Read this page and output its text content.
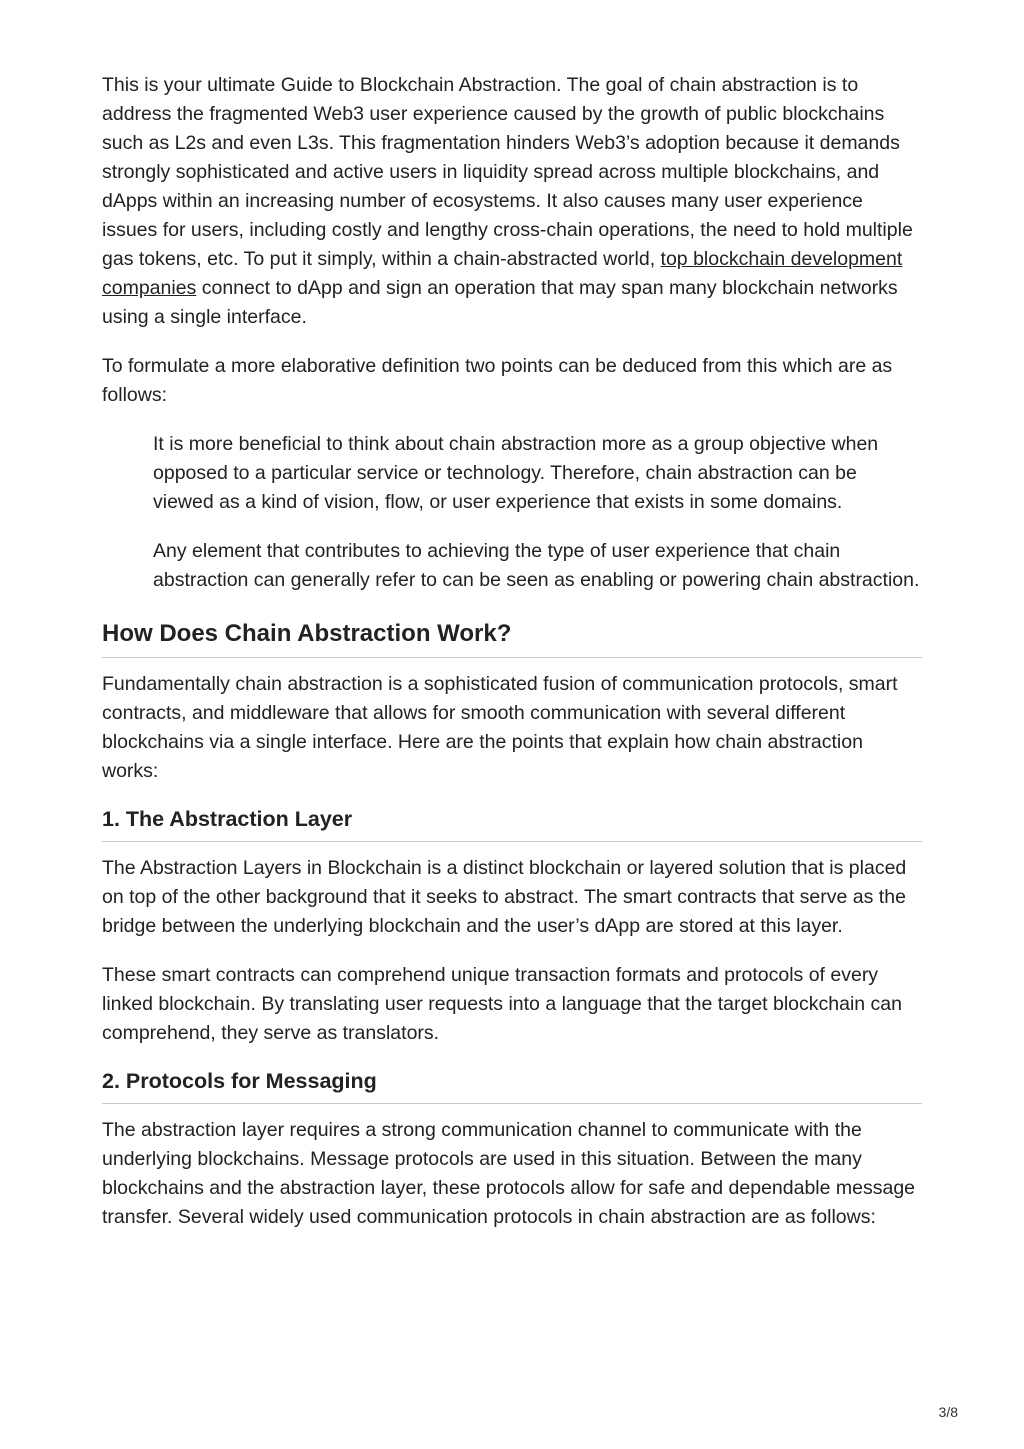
This is your ultimate Guide to Blockchain Abstraction. The goal of chain abstraction is to address the fragmented Web3 user experience caused by the growth of public blockchains such as L2s and even L3s. This fragmentation hinders Web3’s adoption because it demands strongly sophisticated and active users in liquidity spread across multiple blockchains, and dApps within an increasing number of ecosystems. It also causes many user experience issues for users, including costly and lengthy cross-chain operations, the need to hold multiple gas tokens, etc. To put it simply, within a chain-abstracted world, top blockchain development companies connect to dApp and sign an operation that may span many blockchain networks using a single interface.

To formulate a more elaborative definition two points can be deduced from this which are as follows:

It is more beneficial to think about chain abstraction more as a group objective when opposed to a particular service or technology. Therefore, chain abstraction can be viewed as a kind of vision, flow, or user experience that exists in some domains.

Any element that contributes to achieving the type of user experience that chain abstraction can generally refer to can be seen as enabling or powering chain abstraction.

How Does Chain Abstraction Work?

Fundamentally chain abstraction is a sophisticated fusion of communication protocols, smart contracts, and middleware that allows for smooth communication with several different blockchains via a single interface. Here are the points that explain how chain abstraction works:

1. The Abstraction Layer

The Abstraction Layers in Blockchain is a distinct blockchain or layered solution that is placed on top of the other background that it seeks to abstract. The smart contracts that serve as the bridge between the underlying blockchain and the user’s dApp are stored at this layer.

These smart contracts can comprehend unique transaction formats and protocols of every linked blockchain. By translating user requests into a language that the target blockchain can comprehend, they serve as translators.

2. Protocols for Messaging

The abstraction layer requires a strong communication channel to communicate with the underlying blockchains. Message protocols are used in this situation. Between the many blockchains and the abstraction layer, these protocols allow for safe and dependable message transfer. Several widely used communication protocols in chain abstraction are as follows:

3/8
